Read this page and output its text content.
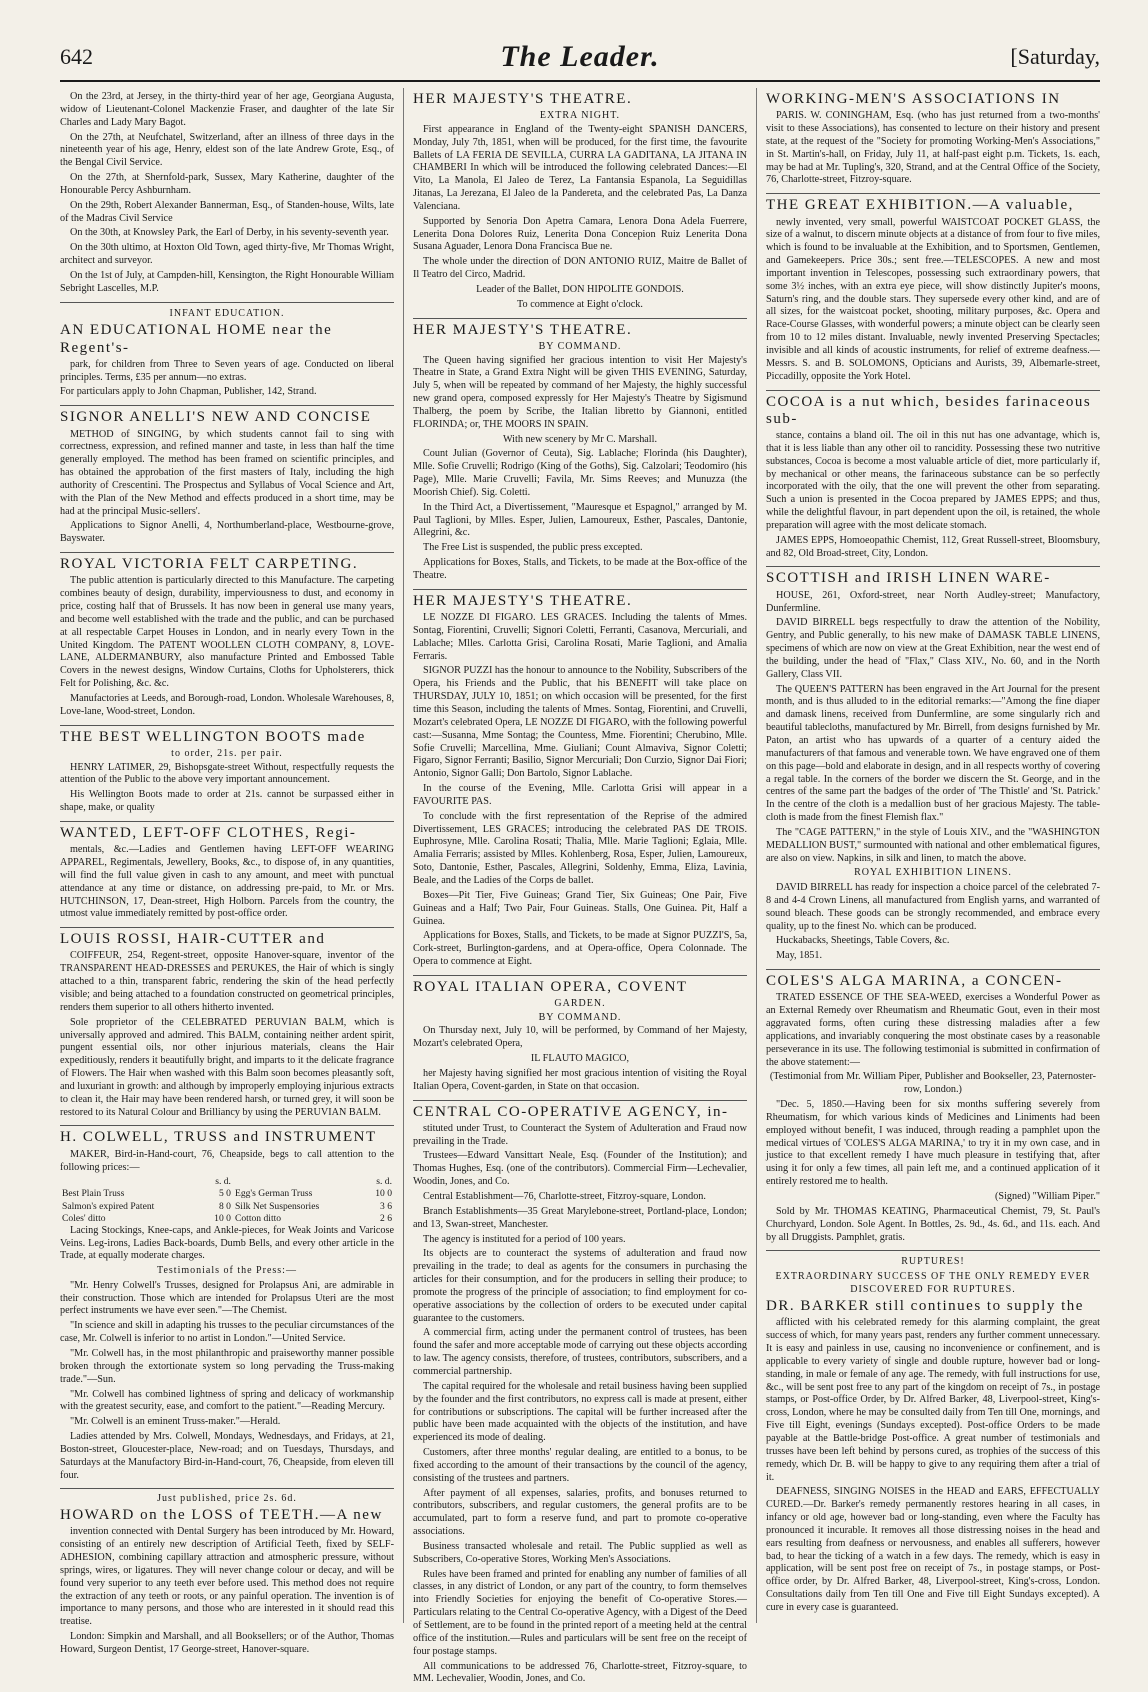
642	The Leader.	[Saturday,

On the 23rd, at Jersey, in the thirty-third year of her age, Georgiana Augusta, widow of Lieutenant-Colonel Mackenzie Fraser, and daughter of the late Sir Charles and Lady Mary Bagot.

On the 27th, at Neufchatel, Switzerland, after an illness of three days in the nineteenth year of his age, Henry, eldest son of the late Andrew Grote, Esq., of the Bengal Civil Service.

On the 27th, at Shernfold-park, Sussex, Mary Katherine, daughter of the Honourable Percy Ashburnham.

On the 29th, Robert Alexander Bannerman, Esq., of Standen-house, Wilts, late of the Madras Civil Service

On the 30th, at Knowsley Park, the Earl of Derby, in his seventy-seventh year.

On the 30th ultimo, at Hoxton Old Town, aged thirty-five, Mr Thomas Wright, architect and surveyor.

On the 1st of July, at Campden-hill, Kensington, the Right Honourable William Sebright Lascelles, M.P.

INFANT EDUCATION.
AN EDUCATIONAL HOME near the Regent's-

park, for children from Three to Seven years of age. Conducted on liberal principles. Terms, £35 per annum—no extras.

For particulars apply to John Chapman, Publisher, 142, Strand.

SIGNOR ANELLI'S NEW AND CONCISE

METHOD of SINGING, by which students cannot fail to sing with correctness, expression, and refined manner and taste, in less than half the time generally employed. The method has been framed on scientific principles, and has obtained the approbation of the first masters of Italy, including the high authority of Crescentini. The Prospectus and Syllabus of Vocal Science and Art, with the Plan of the New Method and effects produced in a short time, may be had at the principal Music-sellers'.

Applications to Signor Anelli, 4, Northumberland-place, Westbourne-grove, Bayswater.

ROYAL VICTORIA FELT CARPETING.

The public attention is particularly directed to this Manufacture. The carpeting combines beauty of design, durability, imperviousness to dust, and economy in price, costing half that of Brussels. It has now been in general use many years, and become well established with the trade and the public, and can be purchased at all respectable Carpet Houses in London, and in nearly every Town in the United Kingdom. The PATENT WOOLLEN CLOTH COMPANY, 8, LOVE-LANE, ALDERMANBURY, also manufacture Printed and Embossed Table Covers in the newest designs, Window Curtains, Cloths for Upholsterers, thick Felt for Polishing, &c. &c.

Manufactories at Leeds, and Borough-road, London. Wholesale Warehouses, 8, Love-lane, Wood-street, London.

THE BEST WELLINGTON BOOTS made
to order, 21s. per pair.

HENRY LATIMER, 29, Bishopsgate-street Without, respectfully requests the attention of the Public to the above very important announcement.

His Wellington Boots made to order at 21s. cannot be surpassed either in shape, make, or quality

WANTED, LEFT-OFF CLOTHES, Regi-

mentals, &c.—Ladies and Gentlemen having LEFT-OFF WEARING APPAREL, Regimentals, Jewellery, Books, &c., to dispose of, in any quantities, will find the full value given in cash to any amount, and meet with punctual attendance at any time or distance, on addressing pre-paid, to Mr. or Mrs. HUTCHINSON, 17, Dean-street, High Holborn. Parcels from the country, the utmost value immediately remitted by post-office order.

LOUIS ROSSI, HAIR-CUTTER and

COIFFEUR, 254, Regent-street, opposite Hanover-square, inventor of the TRANSPARENT HEAD-DRESSES and PERUKES, the Hair of which is singly attached to a thin, transparent fabric, rendering the skin of the head perfectly visible; and being attached to a foundation constructed on geometrical principles, renders them superior to all others hitherto invented.

Sole proprietor of the CELEBRATED PERUVIAN BALM, which is universally approved and admired. This BALM, containing neither ardent spirit, pungent essential oils, nor other injurious materials, cleans the Hair expeditiously, renders it beautifully bright, and imparts to it the delicate fragrance of Flowers. The Hair when washed with this Balm soon becomes pleasantly soft, and luxuriant in growth: and although by improperly employing injurious extracts to clean it, the Hair may have been rendered harsh, or turned grey, it will soon be restored to its Natural Colour and Brilliancy by using the PERUVIAN BALM.

H. COLWELL, TRUSS and INSTRUMENT

MAKER, Bird-in-Hand-court, 76, Cheapside, begs to call attention to the following prices:—

	s. d.		s. d.
Best Plain Truss	5 0	Egg's German Truss	10 0
Salmon's expired Patent	8 0	Silk Net Suspensories	3 6
Coles' ditto	10 0	Cotton ditto	2 6

Lacing Stockings, Knee-caps, and Ankle-pieces, for Weak Joints and Varicose Veins. Leg-irons, Ladies Back-boards, Dumb Bells, and every other article in the Trade, at equally moderate charges.

Testimonials of the Press:—

"Mr. Henry Colwell's Trusses, designed for Prolapsus Ani, are admirable in their construction. Those which are intended for Prolapsus Uteri are the most perfect instruments we have ever seen."—The Chemist.

"In science and skill in adapting his trusses to the peculiar circumstances of the case, Mr. Colwell is inferior to no artist in London."—United Service.

"Mr. Colwell has, in the most philanthropic and praiseworthy manner possible broken through the extortionate system so long pervading the Truss-making trade."—Sun.

"Mr. Colwell has combined lightness of spring and delicacy of workmanship with the greatest security, ease, and comfort to the patient."—Reading Mercury.

"Mr. Colwell is an eminent Truss-maker."—Herald.

Ladies attended by Mrs. Colwell, Mondays, Wednesdays, and Fridays, at 21, Boston-street, Gloucester-place, New-road; and on Tuesdays, Thursdays, and Saturdays at the Manufactory Bird-in-Hand-court, 76, Cheapside, from eleven till four.

Just published, price 2s. 6d.
HOWARD on the LOSS of TEETH.—A new

invention connected with Dental Surgery has been introduced by Mr. Howard, consisting of an entirely new description of Artificial Teeth, fixed by SELF-ADHESION, combining capillary attraction and atmospheric pressure, without springs, wires, or ligatures. They will never change colour or decay, and will be found very superior to any teeth ever before used. This method does not require the extraction of any teeth or roots, or any painful operation. The invention is of importance to many persons, and those who are interested in it should read this treatise.

London: Simpkin and Marshall, and all Booksellers; or of the Author, Thomas Howard, Surgeon Dentist, 17 George-street, Hanover-square.

HER MAJESTY'S THEATRE.
EXTRA NIGHT.

First appearance in England of the Twenty-eight SPANISH DANCERS, Monday, July 7th, 1851, when will be produced, for the first time, the favourite Ballets of LA FERIA DE SEVILLA, CURRA LA GADITANA, LA JITANA IN CHAMBERI In which will be introduced the following celebrated Dances:—El Vito, La Manola, El Jaleo de Terez, La Fantansia Espanola, La Seguidillas Jitanas, La Jerezana, El Jaleo de la Pandereta, and the celebrated Pas, La Danza Valenciana.

Supported by Senoria Don Apetra Camara, Lenora Dona Adela Fuerrere, Lenerita Dona Dolores Ruiz, Lenerita Dona Concepion Ruiz Lenerita Dona Susana Aguader, Lenora Dona Francisca Bue ne.

The whole under the direction of DON ANTONIO RUIZ, Maitre de Ballet of Il Teatro del Circo, Madrid.

Leader of the Ballet, DON HIPOLITE GONDOIS.

To commence at Eight o'clock.

HER MAJESTY'S THEATRE.
BY COMMAND.

The Queen having signified her gracious intention to visit Her Majesty's Theatre in State, a Grand Extra Night will be given THIS EVENING, Saturday, July 5, when will be repeated by command of her Majesty, the highly successful new grand opera, composed expressly for Her Majesty's Theatre by Sigismund Thalberg, the poem by Scribe, the Italian libretto by Giannoni, entitled FLORINDA; or, THE MOORS IN SPAIN.

With new scenery by Mr C. Marshall.

Count Julian (Governor of Ceuta), Sig. Lablache; Florinda (his Daughter), Mlle. Sofie Cruvelli; Rodrigo (King of the Goths), Sig. Calzolari; Teodomiro (his Page), Mlle. Marie Cruvelli; Favila, Mr. Sims Reeves; and Munuzza (the Moorish Chief). Sig. Coletti.

In the Third Act, a Divertissement, "Mauresque et Espagnol," arranged by M. Paul Taglioni, by Mlles. Esper, Julien, Lamoureux, Esther, Pascales, Dantonie, Allegrini, &c.

The Free List is suspended, the public press excepted.

Applications for Boxes, Stalls, and Tickets, to be made at the Box-office of the Theatre.

HER MAJESTY'S THEATRE.

LE NOZZE DI FIGARO. LES GRACES. Including the talents of Mmes. Sontag, Fiorentini, Cruvelli; Signori Coletti, Ferranti, Casanova, Mercuriali, and Lablache; Mlles. Carlotta Grisi, Carolina Rosati, Marie Taglioni, and Amalia Ferraris.

SIGNOR PUZZI has the honour to announce to the Nobility, Subscribers of the Opera, his Friends and the Public, that his BENEFIT will take place on THURSDAY, JULY 10, 1851; on which occasion will be presented, for the first time this Season, including the talents of Mmes. Sontag, Fiorentini, and Cruvelli, Mozart's celebrated Opera, LE NOZZE DI FIGARO, with the following powerful cast:—Susanna, Mme Sontag; the Countess, Mme. Fiorentini; Cherubino, Mlle. Sofie Cruvelli; Marcellina, Mme. Giuliani; Count Almaviva, Signor Coletti; Figaro, Signor Ferranti; Basilio, Signor Mercuriali; Don Curzio, Signor Dai Fiori; Antonio, Signor Galli; Don Bartolo, Signor Lablache.

In the course of the Evening, Mlle. Carlotta Grisi will appear in a FAVOURITE PAS.

To conclude with the first representation of the Reprise of the admired Divertissement, LES GRACES; introducing the celebrated PAS DE TROIS. Euphrosyne, Mlle. Carolina Rosati; Thalia, Mlle. Marie Taglioni; Eglaia, Mlle. Amalia Ferraris; assisted by Mlles. Kohlenberg, Rosa, Esper, Julien, Lamoureux, Soto, Dantonie, Esther, Pascales, Allegrini, Soldenhy, Emma, Eliza, Lavinia, Beale, and the Ladies of the Corps de ballet.

Boxes—Pit Tier, Five Guineas; Grand Tier, Six Guineas; One Pair, Five Guineas and a Half; Two Pair, Four Guineas. Stalls, One Guinea. Pit, Half a Guinea.

Applications for Boxes, Stalls, and Tickets, to be made at Signor PUZZI'S, 5a, Cork-street, Burlington-gardens, and at Opera-office, Opera Colonnade. The Opera to commence at Eight.

ROYAL ITALIAN OPERA, COVENT
GARDEN.
BY COMMAND.

On Thursday next, July 10, will be performed, by Command of her Majesty, Mozart's celebrated Opera,

IL FLAUTO MAGICO,

her Majesty having signified her most gracious intention of visiting the Royal Italian Opera, Covent-garden, in State on that occasion.

CENTRAL CO-OPERATIVE AGENCY, in-

stituted under Trust, to Counteract the System of Adulteration and Fraud now prevailing in the Trade.

Trustees—Edward Vansittart Neale, Esq. (Founder of the Institution); and Thomas Hughes, Esq. (one of the contributors). Commercial Firm—Lechevalier, Woodin, Jones, and Co.

Central Establishment—76, Charlotte-street, Fitzroy-square, London.

Branch Establishments—35 Great Marylebone-street, Portland-place, London; and 13, Swan-street, Manchester.

The agency is instituted for a period of 100 years.

Its objects are to counteract the systems of adulteration and fraud now prevailing in the trade; to deal as agents for the consumers in purchasing the articles for their consumption, and for the producers in selling their produce; to promote the progress of the principle of association; to find employment for co-operative associations by the collection of orders to be executed under capital guarantee to the customers.

A commercial firm, acting under the permanent control of trustees, has been found the safer and more acceptable mode of carrying out these objects according to law. The agency consists, therefore, of trustees, contributors, subscribers, and a commercial partnership.

The capital required for the wholesale and retail business having been supplied by the founder and the first contributors, no express call is made at present, either for contributions or subscriptions. The capital will be further increased after the public have been made acquainted with the objects of the institution, and have experienced its mode of dealing.

Customers, after three months' regular dealing, are entitled to a bonus, to be fixed according to the amount of their transactions by the council of the agency, consisting of the trustees and partners.

After payment of all expenses, salaries, profits, and bonuses returned to contributors, subscribers, and regular customers, the general profits are to be accumulated, part to form a reserve fund, and part to promote co-operative associations.

Business transacted wholesale and retail. The Public supplied as well as Subscribers, Co-operative Stores, Working Men's Associations.

Rules have been framed and printed for enabling any number of families of all classes, in any district of London, or any part of the country, to form themselves into Friendly Societies for enjoying the benefit of Co-operative Stores.—Particulars relating to the Central Co-operative Agency, with a Digest of the Deed of Settlement, are to be found in the printed report of a meeting held at the central office of the institution.—Rules and particulars will be sent free on the receipt of four postage stamps.

All communications to be addressed 76, Charlotte-street, Fitzroy-square, to MM. Lechevalier, Woodin, Jones, and Co.

WORKING-MEN'S ASSOCIATIONS IN

PARIS. W. CONINGHAM, Esq. (who has just returned from a two-months' visit to these Associations), has consented to lecture on their history and present state, at the request of the "Society for promoting Working-Men's Associations," in St. Martin's-hall, on Friday, July 11, at half-past eight p.m. Tickets, 1s. each, may be had at Mr. Tupling's, 320, Strand, and at the Central Office of the Society, 76, Charlotte-street, Fitzroy-square.

THE GREAT EXHIBITION.—A valuable,

newly invented, very small, powerful WAISTCOAT POCKET GLASS, the size of a walnut, to discern minute objects at a distance of from four to five miles, which is found to be invaluable at the Exhibition, and to Sportsmen, Gentlemen, and Gamekeepers. Price 30s.; sent free.—TELESCOPES. A new and most important invention in Telescopes, possessing such extraordinary powers, that some 3½ inches, with an extra eye piece, will show distinctly Jupiter's moons, Saturn's ring, and the double stars. They supersede every other kind, and are of all sizes, for the waistcoat pocket, shooting, military purposes, &c. Opera and Race-Course Glasses, with wonderful powers; a minute object can be clearly seen from 10 to 12 miles distant. Invaluable, newly invented Preserving Spectacles; invisible and all kinds of acoustic instruments, for relief of extreme deafness.—Messrs. S. and B. SOLOMONS, Opticians and Aurists, 39, Albemarle-street, Piccadilly, opposite the York Hotel.

COCOA is a nut which, besides farinaceous sub-

stance, contains a bland oil. The oil in this nut has one advantage, which is, that it is less liable than any other oil to rancidity. Possessing these two nutritive substances, Cocoa is become a most valuable article of diet, more particularly if, by mechanical or other means, the farinaceous substance can be so perfectly incorporated with the oily, that the one will prevent the other from separating. Such a union is presented in the Cocoa prepared by JAMES EPPS; and thus, while the delightful flavour, in part dependent upon the oil, is retained, the whole preparation will agree with the most delicate stomach.

JAMES EPPS, Homoeopathic Chemist, 112, Great Russell-street, Bloomsbury, and 82, Old Broad-street, City, London.

SCOTTISH and IRISH LINEN WARE-

HOUSE, 261, Oxford-street, near North Audley-street; Manufactory, Dunfermline.

DAVID BIRRELL begs respectfully to draw the attention of the Nobility, Gentry, and Public generally, to his new make of DAMASK TABLE LINENS, specimens of which are now on view at the Great Exhibition, near the west end of the building, under the head of "Flax," Class XIV., No. 60, and in the North Gallery, Class VII.

The QUEEN'S PATTERN has been engraved in the Art Journal for the present month, and is thus alluded to in the editorial remarks:—"Among the fine diaper and damask linens, received from Dunfermline, are some singularly rich and beautiful tablecloths, manufactured by Mr. Birrell, from designs furnished by Mr. Paton, an artist who has upwards of a quarter of a century aided the manufacturers of that famous and venerable town. We have engraved one of them on this page—bold and elaborate in design, and in all respects worthy of covering a regal table. In the corners of the border we discern the St. George, and in the centres of the same part the badges of the order of 'The Thistle' and 'St. Patrick.' In the centre of the cloth is a medallion bust of her gracious Majesty. The table-cloth is made from the finest Flemish flax."

The "CAGE PATTERN," in the style of Louis XIV., and the "WASHINGTON MEDALLION BUST," surmounted with national and other emblematical figures, are also on view. Napkins, in silk and linen, to match the above.

ROYAL EXHIBITION LINENS.

DAVID BIRRELL has ready for inspection a choice parcel of the celebrated 7-8 and 4-4 Crown Linens, all manufactured from English yarns, and warranted of sound bleach. These goods can be strongly recommended, and embrace every quality, up to the finest No. which can be produced.

Huckabacks, Sheetings, Table Covers, &c.

May, 1851.

COLES'S ALGA MARINA, a CONCEN-

TRATED ESSENCE OF THE SEA-WEED, exercises a Wonderful Power as an External Remedy over Rheumatism and Rheumatic Gout, even in their most aggravated forms, often curing these distressing maladies after a few applications, and invariably conquering the most obstinate cases by a reasonable perseverance in its use. The following testimonial is submitted in confirmation of the above statement:—

(Testimonial from Mr. William Piper, Publisher and Bookseller, 23, Paternoster-row, London.)

"Dec. 5, 1850.—Having been for six months suffering severely from Rheumatism, for which various kinds of Medicines and Liniments had been employed without benefit, I was induced, through reading a pamphlet upon the medical virtues of 'COLES'S ALGA MARINA,' to try it in my own case, and in justice to that excellent remedy I have much pleasure in testifying that, after using it for only a few times, all pain left me, and a continued application of it entirely restored me to health.

(Signed) "William Piper."

Sold by Mr. THOMAS KEATING, Pharmaceutical Chemist, 79, St. Paul's Churchyard, London. Sole Agent. In Bottles, 2s. 9d., 4s. 6d., and 11s. each. And by all Druggists. Pamphlet, gratis.

RUPTURES!
EXTRAORDINARY SUCCESS OF THE ONLY REMEDY EVER DISCOVERED FOR RUPTURES.
DR. BARKER still continues to supply the

afflicted with his celebrated remedy for this alarming complaint, the great success of which, for many years past, renders any further comment unnecessary. It is easy and painless in use, causing no inconvenience or confinement, and is applicable to every variety of single and double rupture, however bad or long-standing, in male or female of any age. The remedy, with full instructions for use, &c., will be sent post free to any part of the kingdom on receipt of 7s., in postage stamps, or Post-office Order, by Dr. Alfred Barker, 48, Liverpool-street, King's-cross, London, where he may be consulted daily from Ten till One, mornings, and Five till Eight, evenings (Sundays excepted). Post-office Orders to be made payable at the Battle-bridge Post-office. A great number of testimonials and trusses have been left behind by persons cured, as trophies of the success of this remedy, which Dr. B. will be happy to give to any requiring them after a trial of it.

DEAFNESS, SINGING NOISES in the HEAD and EARS, EFFECTUALLY CURED.—Dr. Barker's remedy permanently restores hearing in all cases, in infancy or old age, however bad or long-standing, even where the Faculty has pronounced it incurable. It removes all those distressing noises in the head and ears resulting from deafness or nervousness, and enables all sufferers, however bad, to hear the ticking of a watch in a few days. The remedy, which is easy in application, will be sent post free on receipt of 7s., in postage stamps, or Post-office order, by Dr. Alfred Barker, 48, Liverpool-street, King's-cross, London. Consultations daily from Ten till One and Five till Eight Sundays excepted). A cure in every case is guaranteed.
